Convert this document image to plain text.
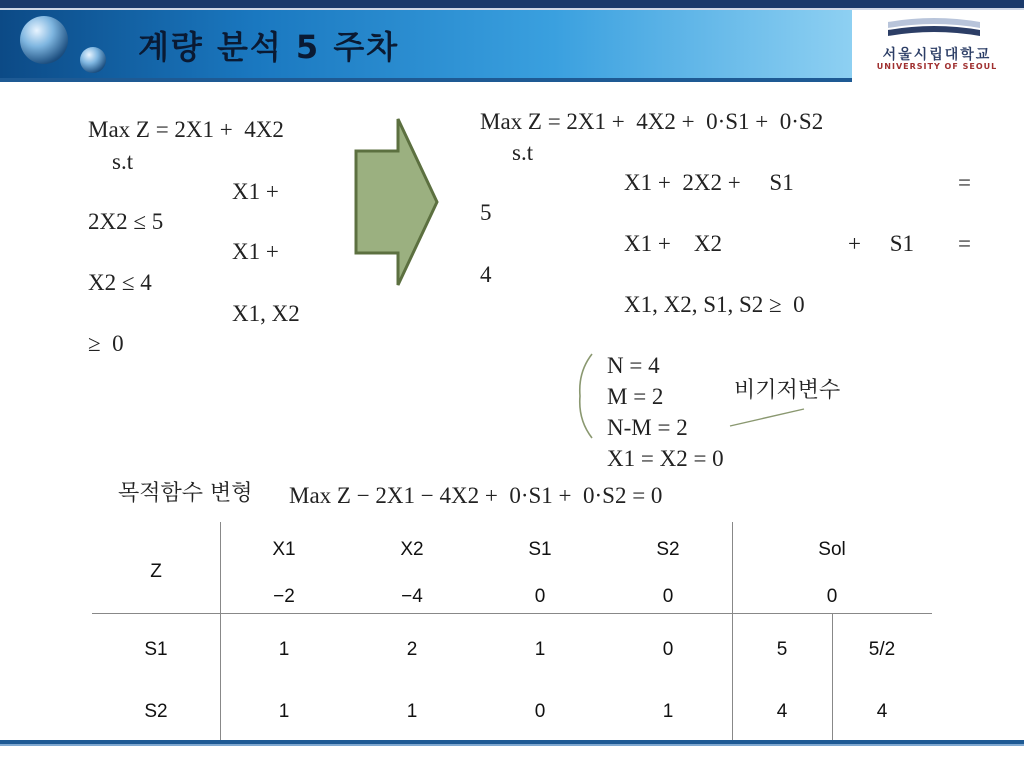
계량 분석 5 주차	서울시립대학교
UNIVERSITY OF SEOUL
Max Z = 2X1 +  4X2
s.t
X1 +
2X2 ≤ 5
X1 +
X2 ≤ 4
X1, X2
≥  0
Max Z = 2X1 +  4X2 +  0·S1 +  0·S2
s.t
X1 +  2X2 +     S1	=
5
X1 +    X2	+     S1 =
4
X1, X2, S1, S2 ≥  0
N = 4
M = 2
N-M = 2
X1 = X2 = 0
비기저변수
목적함수 변형 Max Z − 2X1 − 4X2 +  0·S1 +  0·S2 = 0
Z
X1	X2	S1	S2	Sol
−2	−4	0	0	0
S1	1	2	1	0	5	5/2
S2	1	1	0	1	4	4
